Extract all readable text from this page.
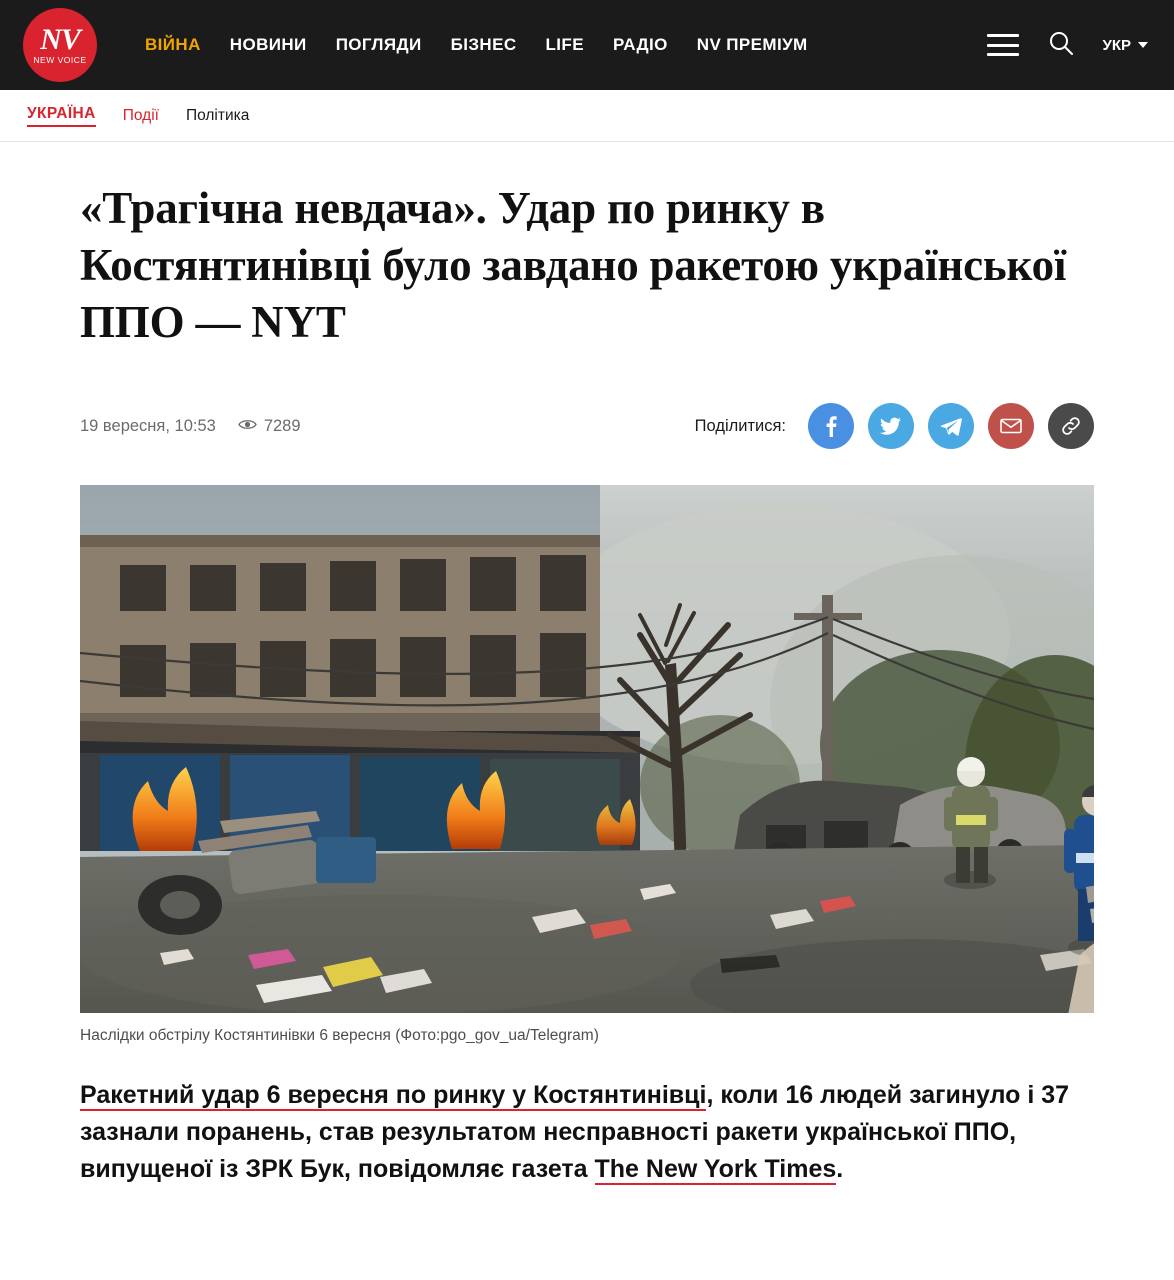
NV
NEW VOICE
ВІЙНА НОВИНИ ПОГЛЯДИ БІЗНЕС LIFE РАДІО NV ПРЕМІУМ	УКР
УКРАЇНА Події Політика
«Трагічна невдача». Удар по ринку в Костянтинівці було завдано ракетою української ППО — NYT
19 вересня, 10:53	7289	Поділитися:
Наслідки обстрілу Костянтинівки 6 вересня (Фото:pgo_gov_ua/Telegram)

Ракетний удар 6 вересня по ринку у Костянтинівці, коли 16 людей загинуло і 37 зазнали поранень, став результатом несправності ракети української ППО, випущеної із ЗРК Бук, повідомляє газета The New York Times.
